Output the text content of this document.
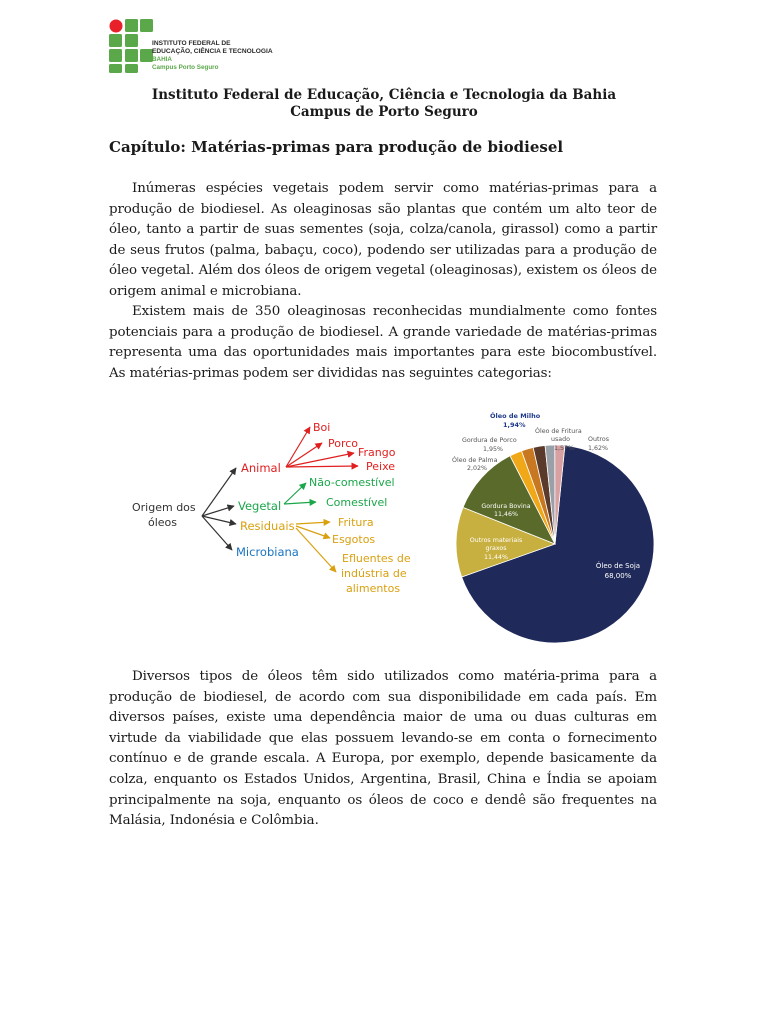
INSTITUTO FEDERAL DE
EDUCAÇÃO, CIÊNCIA E TECNOLOGIA
BAHIA
Campus Porto Seguro
Instituto Federal de Educação, Ciência e Tecnologia da Bahia
Campus de Porto Seguro
Capítulo: Matérias-primas para produção de biodiesel

Inúmeras espécies vegetais podem servir como matérias-primas para a produção de biodiesel. As oleaginosas são plantas que contém um alto teor de óleo, tanto a partir de suas sementes (soja, colza/canola, girassol) como a partir de seus frutos (palma, babaçu, coco), podendo ser utilizadas para a produção de óleo vegetal. Além dos óleos de origem vegetal (oleaginosas), existem os óleos de origem animal e microbiana.

Existem mais de 350 oleaginosas reconhecidas mundialmente como fontes potenciais para a produção de biodiesel. A grande variedade de matérias-primas representa uma das oportunidades mais importantes para este biocombustível. As matérias-primas podem ser divididas nas seguintes categorias:

Origem dos
óleos
Animal
Boi
Porco
Frango
Peixe
Vegetal
Não-comestível
Comestível
Residuais	Fritura
Esgotos
Efluentes de
indústria de
alimentos
Microbiana
Óleo de Soja
68,00%
Outros materiais
graxos
11,44%
Gordura Bovina
11,46%
Óleo de Palma
2,02%
Gordura de Porco
1,95%
Óleo de Milho
1,94%
Óleo de Fritura
usado
1,57%
Outros
1,62%

Diversos tipos de óleos têm sido utilizados como matéria-prima para a produção de biodiesel, de acordo com sua disponibilidade em cada país. Em diversos países, existe uma dependência maior de uma ou duas culturas em virtude da viabilidade que elas possuem levando-se em conta o fornecimento contínuo e de grande escala. A Europa, por exemplo, depende basicamente da colza, enquanto os Estados Unidos, Argentina, Brasil, China e Índia se apoiam principalmente na soja, enquanto os óleos de coco e dendê são frequentes na Malásia, Indonésia e Colômbia.
